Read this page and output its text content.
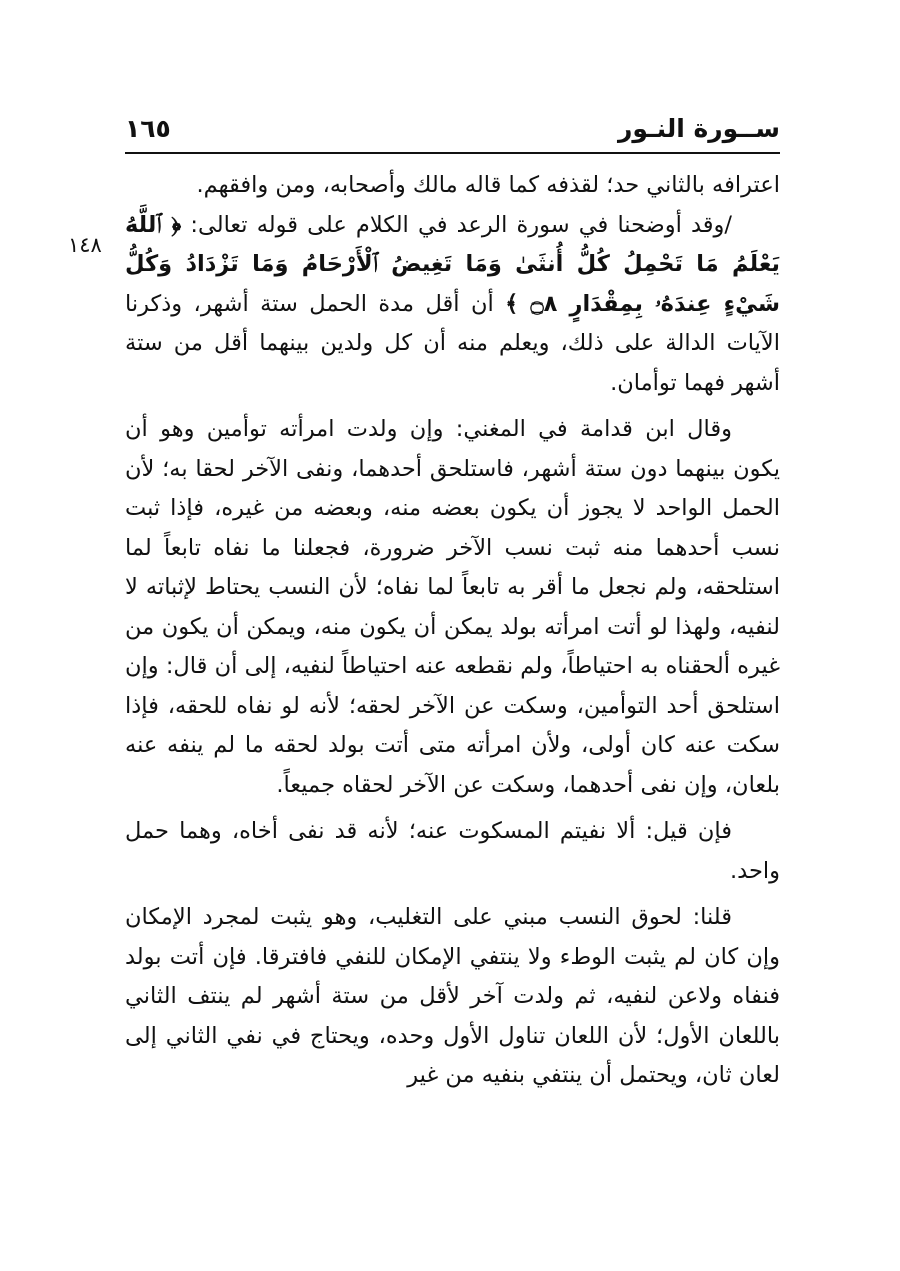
ســورة النـور
١٦٥
١٤٨

اعترافه بالثاني حد؛ لقذفه كما قاله مالك وأصحابه، ومن وافقهم.

/وقد أوضحنا في سورة الرعد في الكلام على قوله تعالى: ﴿ ٱللَّهُ يَعْلَمُ مَا تَحْمِلُ كُلُّ أُنثَىٰ وَمَا تَغِيضُ ٱلْأَرْحَامُ وَمَا تَزْدَادُ وَكُلُّ شَيْءٍ عِندَهُۥ بِمِقْدَارٍ ۝٨ ﴾ أن أقل مدة الحمل ستة أشهر، وذكرنا الآيات الدالة على ذلك، ويعلم منه أن كل ولدين بينهما أقل من ستة أشهر فهما توأمان.

وقال ابن قدامة في المغني: وإن ولدت امرأته توأمين وهو أن يكون بينهما دون ستة أشهر، فاستلحق أحدهما، ونفى الآخر لحقا به؛ لأن الحمل الواحد لا يجوز أن يكون بعضه منه، وبعضه من غيره، فإذا ثبت نسب أحدهما منه ثبت نسب الآخر ضرورة، فجعلنا ما نفاه تابعاً لما استلحقه، ولم نجعل ما أقر به تابعاً لما نفاه؛ لأن النسب يحتاط لإثباته لا لنفيه، ولهذا لو أتت امرأته بولد يمكن أن يكون منه، ويمكن أن يكون من غيره ألحقناه به احتياطاً، ولم نقطعه عنه احتياطاً لنفيه، إلى أن قال: وإن استلحق أحد التوأمين، وسكت عن الآخر لحقه؛ لأنه لو نفاه للحقه، فإذا سكت عنه كان أولى، ولأن امرأته متى أتت بولد لحقه ما لم ينفه عنه بلعان، وإن نفى أحدهما، وسكت عن الآخر لحقاه جميعاً.

فإن قيل: ألا نفيتم المسكوت عنه؛ لأنه قد نفى أخاه، وهما حمل واحد.

قلنا: لحوق النسب مبني على التغليب، وهو يثبت لمجرد الإمكان وإن كان لم يثبت الوطء ولا ينتفي الإمكان للنفي فافترقا. فإن أتت بولد فنفاه ولاعن لنفيه، ثم ولدت آخر لأقل من ستة أشهر لم ينتف الثاني باللعان الأول؛ لأن اللعان تناول الأول وحده، ويحتاج في نفي الثاني إلى لعان ثان، ويحتمل أن ينتفي بنفيه من غير
